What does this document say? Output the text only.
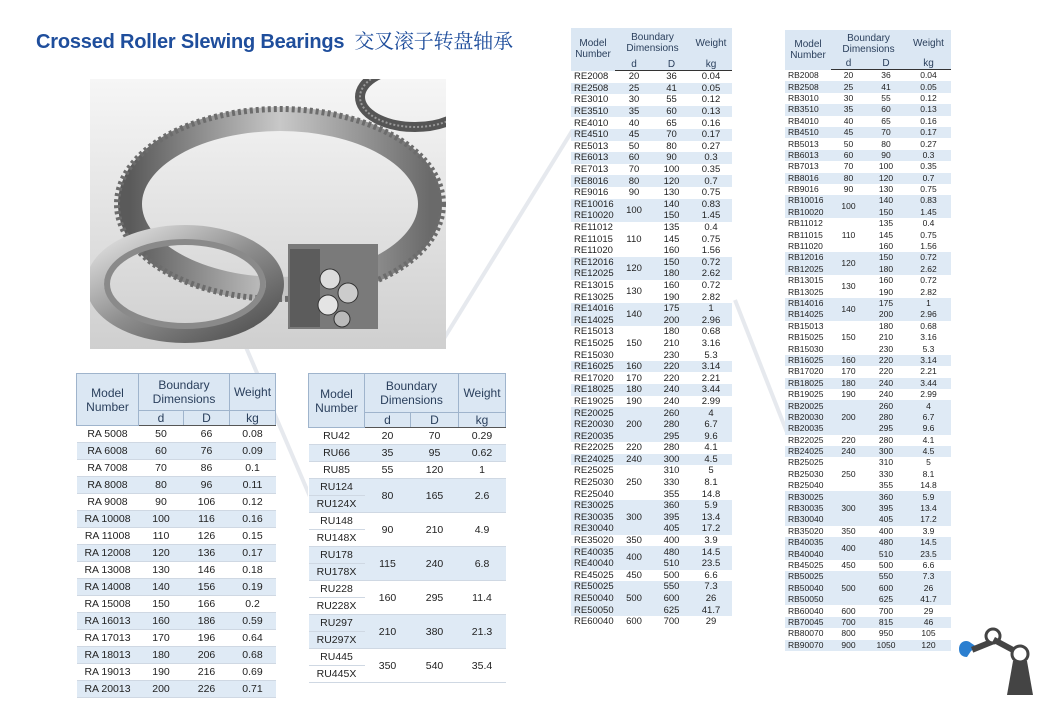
Crossed Roller Slewing Bearings 交叉滚子转盘轴承
Model
Number	Boundary
Dimensions		Weight
	d	D	kg
RA 5008	50	66	0.08
RA 6008	60	76	0.09
RA 7008	70	86	0.1
RA 8008	80	96	0.11
RA 9008	90	106	0.12
RA 10008	100	116	0.16
RA 11008	110	126	0.15
RA 12008	120	136	0.17
RA 13008	130	146	0.18
RA 14008	140	156	0.19
RA 15008	150	166	0.2
RA 16013	160	186	0.59
RA 17013	170	196	0.64
RA 18013	180	206	0.68
RA 19013	190	216	0.69
RA 20013	200	226	0.71
Model
Number	Boundary
Dimensions		Weight
	d	D	kg
RU42	20	70	0.29
RU66	35	95	0.62
RU85	55	120	1
RU124	80	165	2.6
RU124X			
RU148	90	210	4.9
RU148X			
RU178	115	240	6.8
RU178X			
RU228	160	295	11.4
RU228X			
RU297	210	380	21.3
RU297X			
RU445	350	540	35.4
RU445X			
Model
Number	Boundary
Dimensions		Weight
	d	D	kg
RE2008	20	36	0.04
RE2508	25	41	0.05
RE3010	30	55	0.12
RE3510	35	60	0.13
RE4010	40	65	0.16
RE4510	45	70	0.17
RE5013	50	80	0.27
RE6013	60	90	0.3
RE7013	70	100	0.35
RE8016	80	120	0.7
RE9016	90	130	0.75
RE10016	100	140	0.83
RE10020		150	1.45
RE11012	110	135	0.4
RE11015		145	0.75
RE11020		160	1.56
RE12016	120	150	0.72
RE12025		180	2.62
RE13015	130	160	0.72
RE13025		190	2.82
RE14016	140	175	1
RE14025		200	2.96
RE15013	150	180	0.68
RE15025		210	3.16
RE15030		230	5.3
RE16025	160	220	3.14
RE17020	170	220	2.21
RE18025	180	240	3.44
RE19025	190	240	2.99
RE20025	200	260	4
RE20030		280	6.7
RE20035		295	9.6
RE22025	220	280	4.1
RE24025	240	300	4.5
RE25025	250	310	5
RE25030		330	8.1
RE25040		355	14.8
RE30025	300	360	5.9
RE30035		395	13.4
RE30040		405	17.2
RE35020	350	400	3.9
RE40035	400	480	14.5
RE40040		510	23.5
RE45025	450	500	6.6
RE50025	500	550	7.3
RE50040		600	26
RE50050		625	41.7
RE60040	600	700	29
Model
Number	Boundary
Dimensions		Weight
	d	D	kg
RB2008	20	36	0.04
RB2508	25	41	0.05
RB3010	30	55	0.12
RB3510	35	60	0.13
RB4010	40	65	0.16
RB4510	45	70	0.17
RB5013	50	80	0.27
RB6013	60	90	0.3
RB7013	70	100	0.35
RB8016	80	120	0.7
RB9016	90	130	0.75
RB10016	100	140	0.83
RB10020		150	1.45
RB11012	110	135	0.4
RB11015		145	0.75
RB11020		160	1.56
RB12016	120	150	0.72
RB12025		180	2.62
RB13015	130	160	0.72
RB13025		190	2.82
RB14016	140	175	1
RB14025		200	2.96
RB15013	150	180	0.68
RB15025		210	3.16
RB15030		230	5.3
RB16025	160	220	3.14
RB17020	170	220	2.21
RB18025	180	240	3.44
RB19025	190	240	2.99
RB20025	200	260	4
RB20030		280	6.7
RB20035		295	9.6
RB22025	220	280	4.1
RB24025	240	300	4.5
RB25025	250	310	5
RB25030		330	8.1
RB25040		355	14.8
RB30025	300	360	5.9
RB30035		395	13.4
RB30040		405	17.2
RB35020	350	400	3.9
RB40035	400	480	14.5
RB40040		510	23.5
RB45025	450	500	6.6
RB50025	500	550	7.3
RB50040		600	26
RB50050		625	41.7
RB60040	600	700	29
RB70045	700	815	46
RB80070	800	950	105
RB90070	900	1050	120
